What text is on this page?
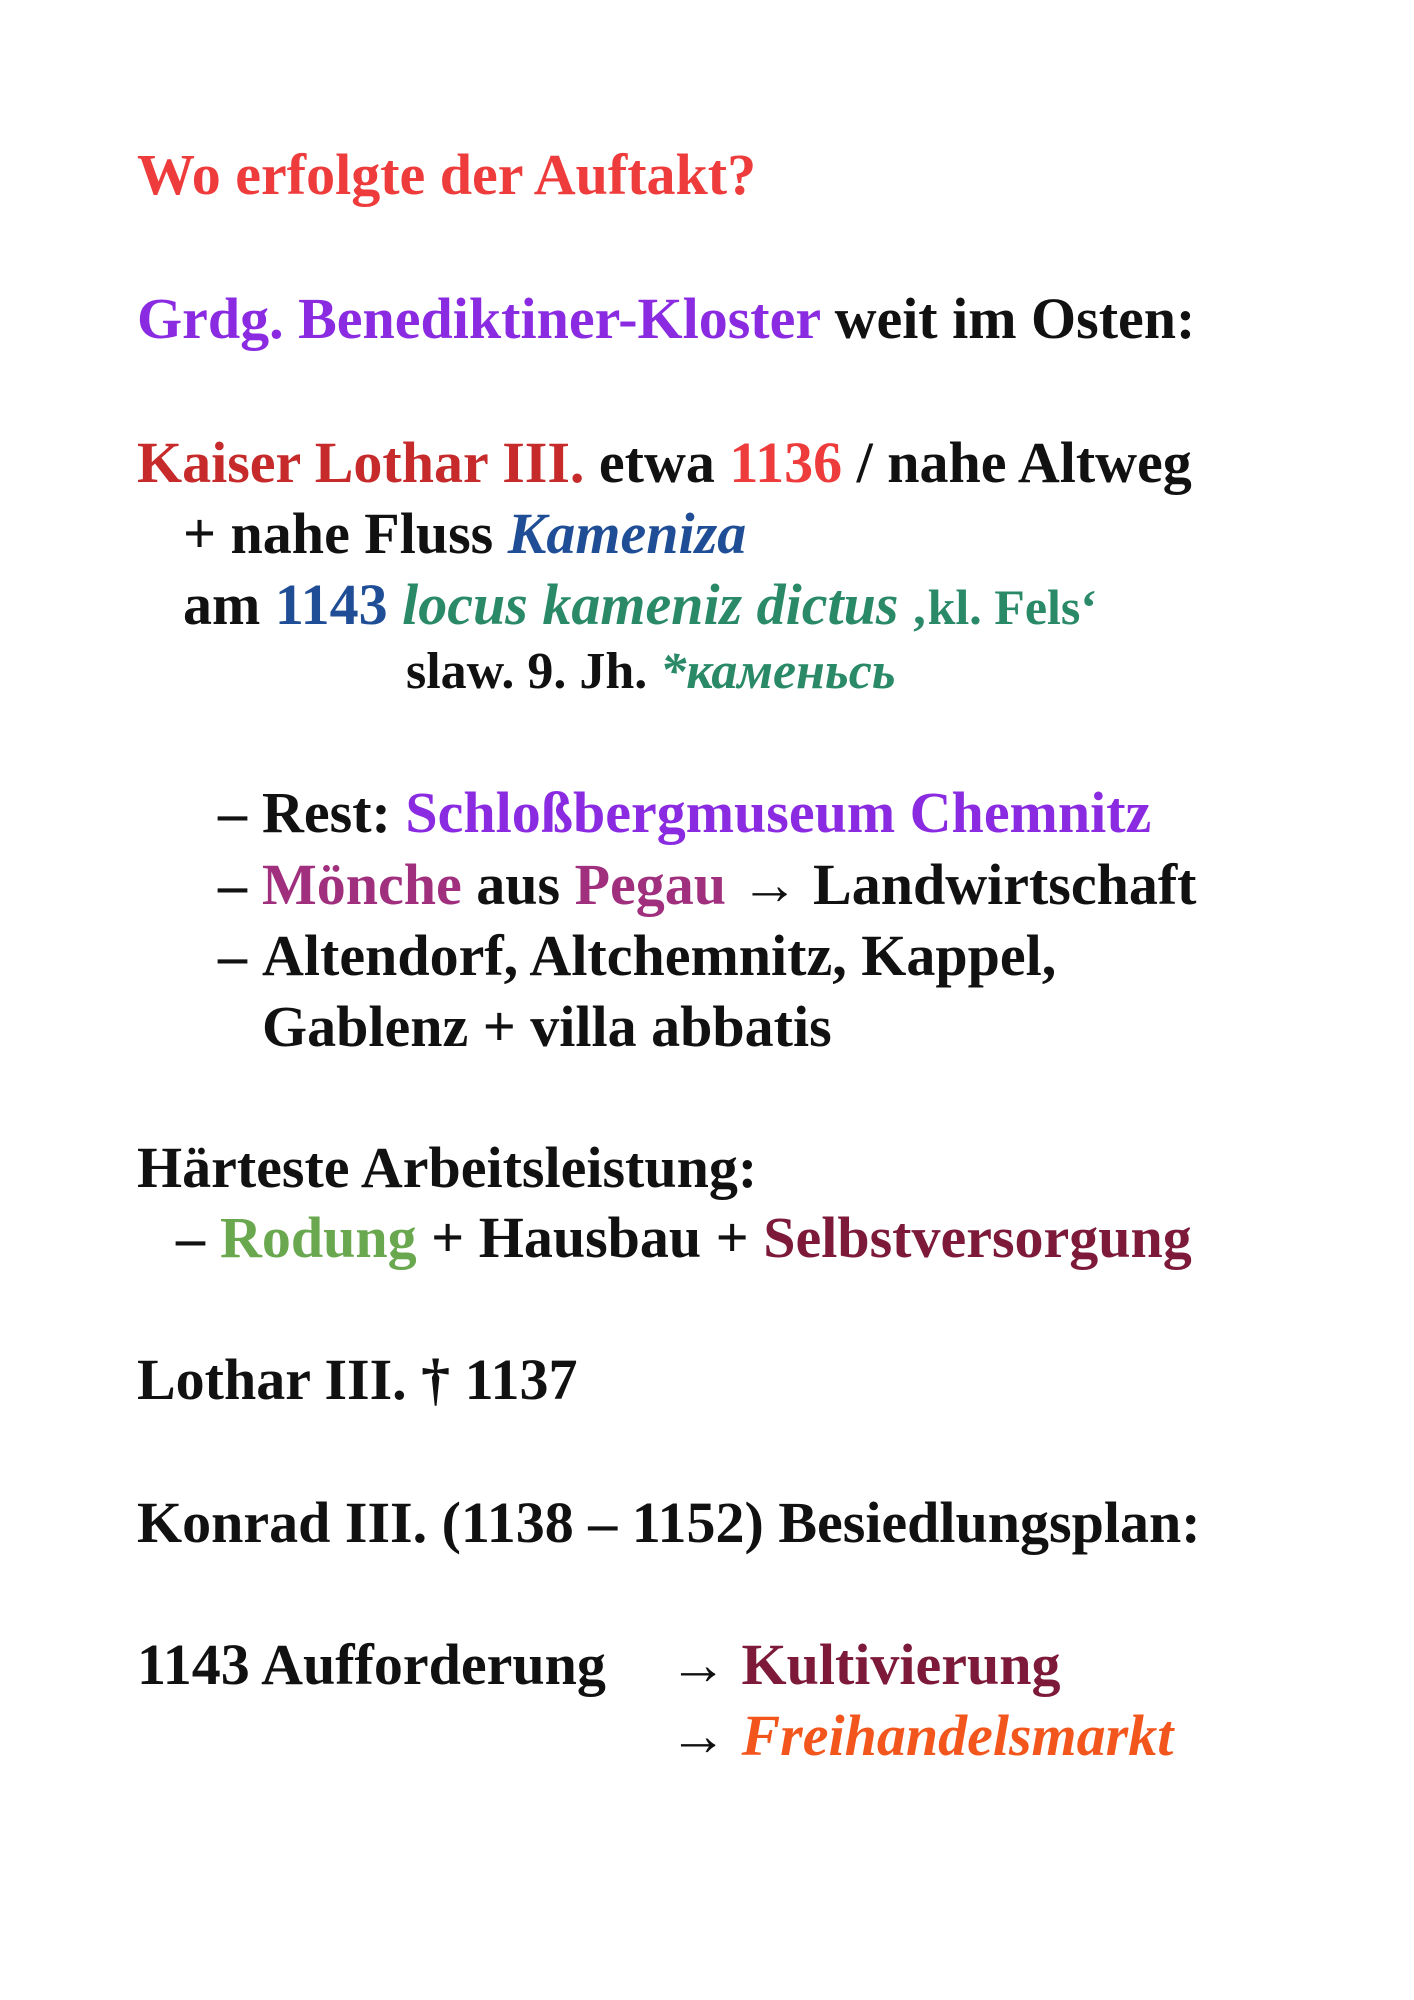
Wo erfolgte der Auftakt?
Grdg. Benediktiner-Kloster weit im Osten:
Kaiser Lothar III. etwa 1136 / nahe Altweg
+ nahe Fluss Kameniza
am 1143 locus kameniz dictus ‚kl. Fels‘
slaw. 9. Jh. *каменьсь
– Rest: Schloßbergmuseum Chemnitz
– Mönche aus Pegau → Landwirtschaft
– Altendorf, Altchemnitz, Kappel,
Gablenz + villa abbatis
Härteste Arbeitsleistung:
– Rodung + Hausbau + Selbstversorgung
Lothar III. † 1137
Konrad III. (1138 – 1152) Besiedlungsplan:
1143 Aufforderung → Kultivierung
→ Freihandelsmarkt
